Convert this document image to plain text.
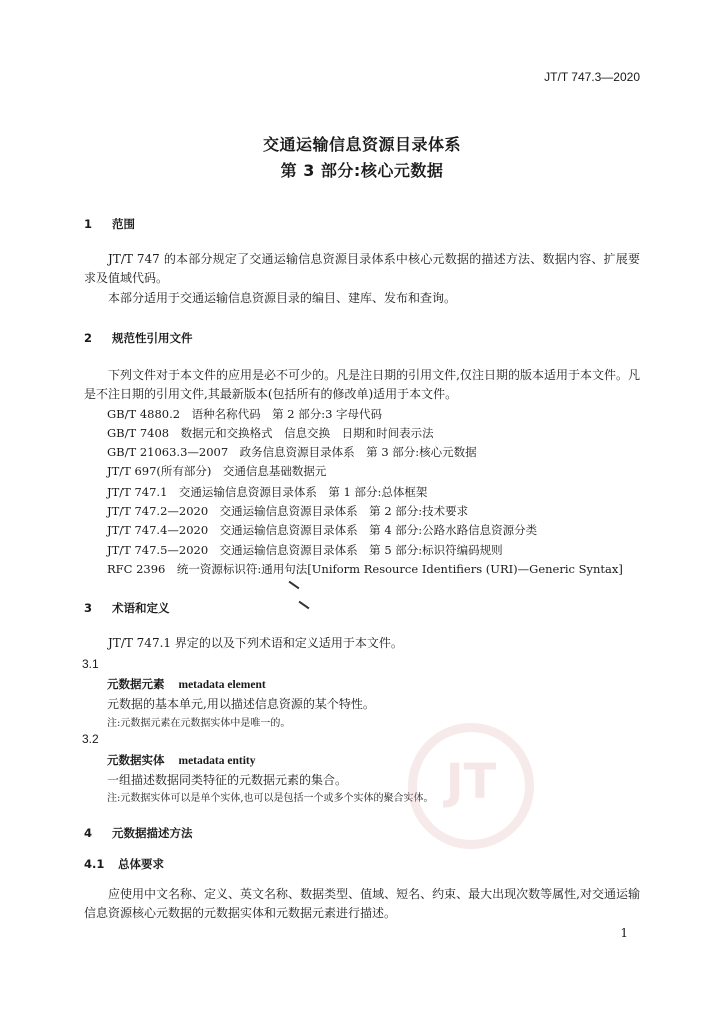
JT/T 747.3—2020
交通运输信息资源目录体系
第 3 部分:核心元数据
1 范围
JT/T 747 的本部分规定了交通运输信息资源目录体系中核心元数据的描述方法、数据内容、扩展要求及值域代码。
本部分适用于交通运输信息资源目录的编目、建库、发布和查询。
2 规范性引用文件
下列文件对于本文件的应用是必不可少的。凡是注日期的引用文件,仅注日期的版本适用于本文件。凡是不注日期的引用文件,其最新版本(包括所有的修改单)适用于本文件。
GB/T 4880.2　语种名称代码　第 2 部分:3 字母代码
GB/T 7408　数据元和交换格式　信息交换　日期和时间表示法
GB/T 21063.3—2007　政务信息资源目录体系　第 3 部分:核心元数据
JT/T 697(所有部分)　交通信息基础数据元
JT/T 747.1　交通运输信息资源目录体系　第 1 部分:总体框架
JT/T 747.2—2020　交通运输信息资源目录体系　第 2 部分:技术要求
JT/T 747.4—2020　交通运输信息资源目录体系　第 4 部分:公路水路信息资源分类
JT/T 747.5—2020　交通运输信息资源目录体系　第 5 部分:标识符编码规则
RFC 2396　统一资源标识符:通用句法[Uniform Resource Identifiers (URI)—Generic Syntax]
3 术语和定义
JT/T 747.1 界定的以及下列术语和定义适用于本文件。
3.1
元数据元素 metadata element
元数据的基本单元,用以描述信息资源的某个特性。
注:元数据元素在元数据实体中是唯一的。
3.2
元数据实体 metadata entity
一组描述数据同类特征的元数据元素的集合。
注:元数据实体可以是单个实体,也可以是包括一个或多个实体的聚合实体。 JT
4 元数据描述方法
4.1 总体要求
应使用中文名称、定义、英文名称、数据类型、值域、短名、约束、最大出现次数等属性,对交通运输信息资源核心元数据的元数据实体和元数据元素进行描述。
1
